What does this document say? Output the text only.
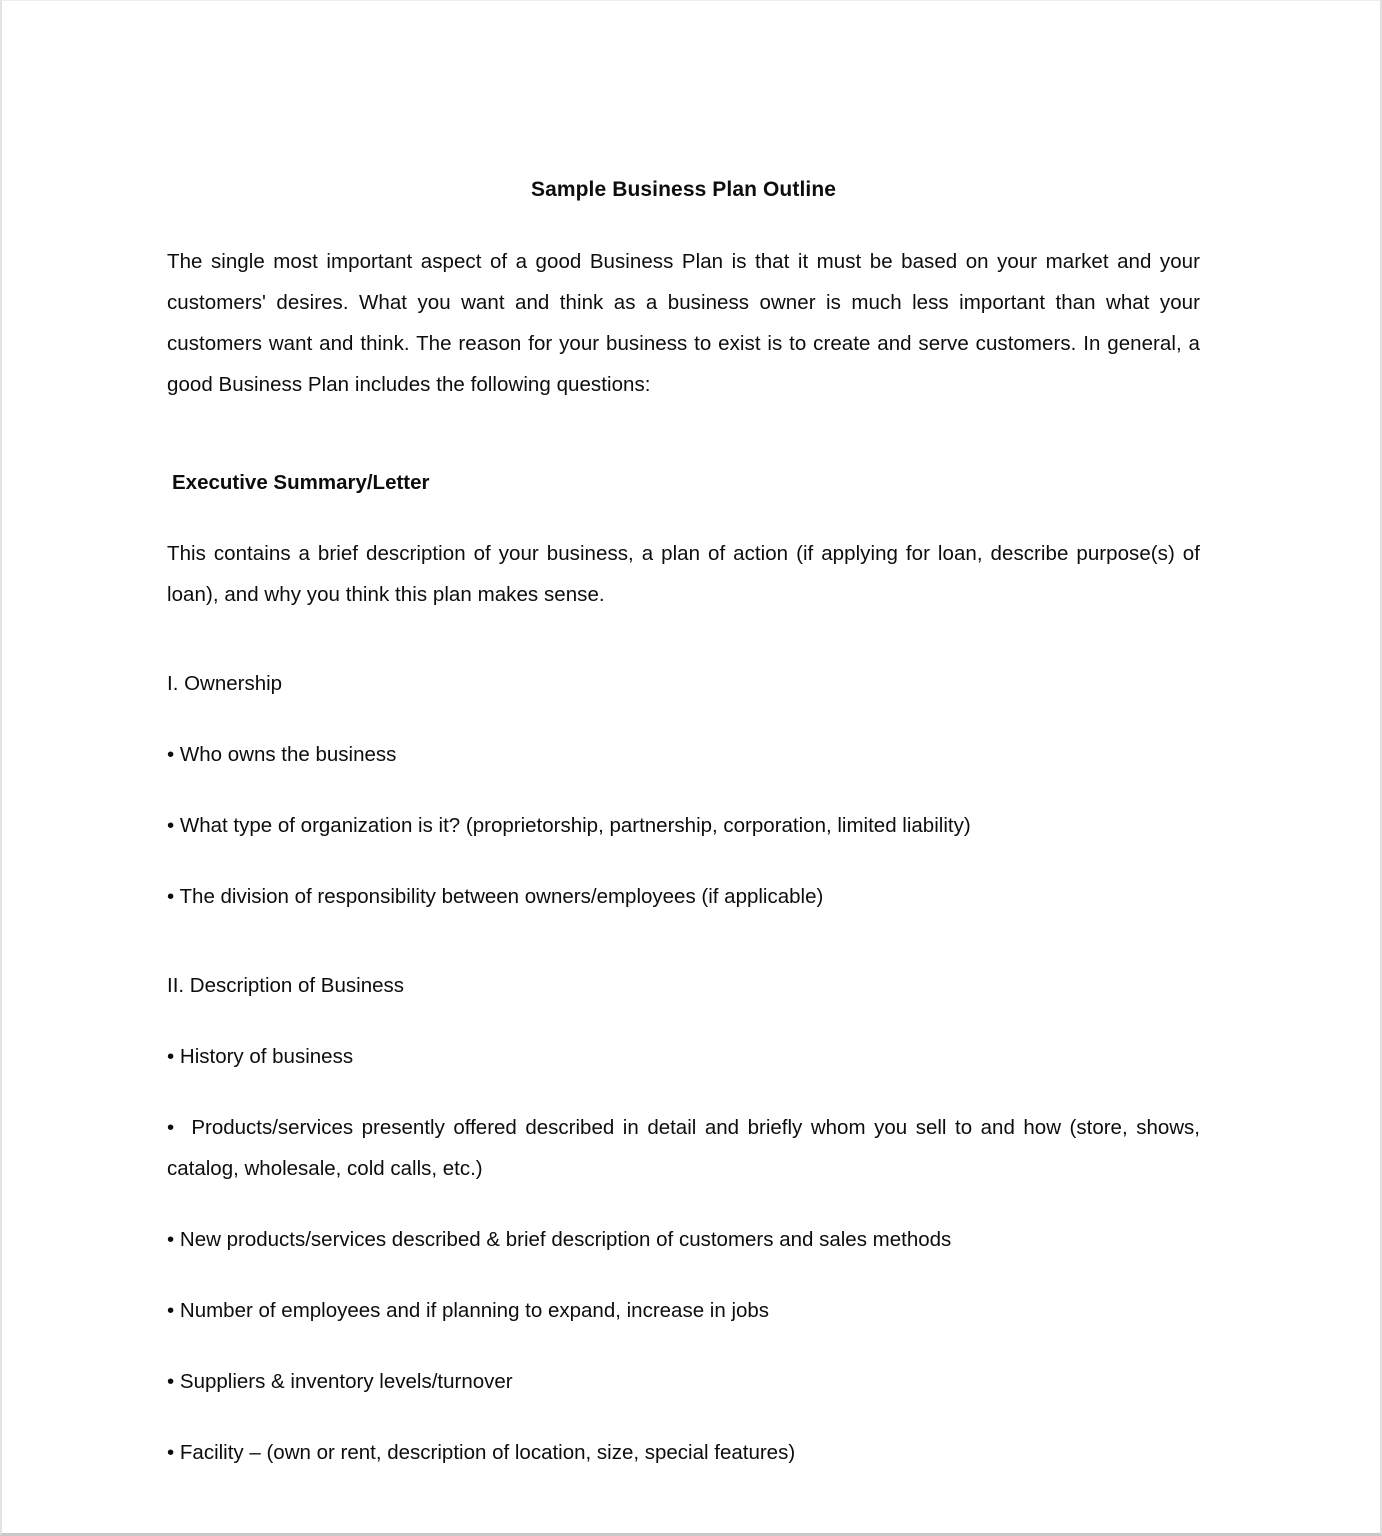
Sample Business Plan Outline

The single most important aspect of a good Business Plan is that it must be based on your market and your customers' desires. What you want and think as a business owner is much less important than what your customers want and think. The reason for your business to exist is to create and serve customers. In general, a good Business Plan includes the following questions:

Executive Summary/Letter

This contains a brief description of your business, a plan of action (if applying for loan, describe purpose(s) of loan), and why you think this plan makes sense.

I. Ownership

• Who owns the business

• What type of organization is it? (proprietorship, partnership, corporation, limited liability)

• The division of responsibility between owners/employees (if applicable)

II. Description of Business

• History of business

• Products/services presently offered described in detail and briefly whom you sell to and how (store, shows, catalog, wholesale, cold calls, etc.)

• New products/services described & brief description of customers and sales methods

• Number of employees and if planning to expand, increase in jobs

• Suppliers & inventory levels/turnover

• Facility – (own or rent, description of location, size, special features)
